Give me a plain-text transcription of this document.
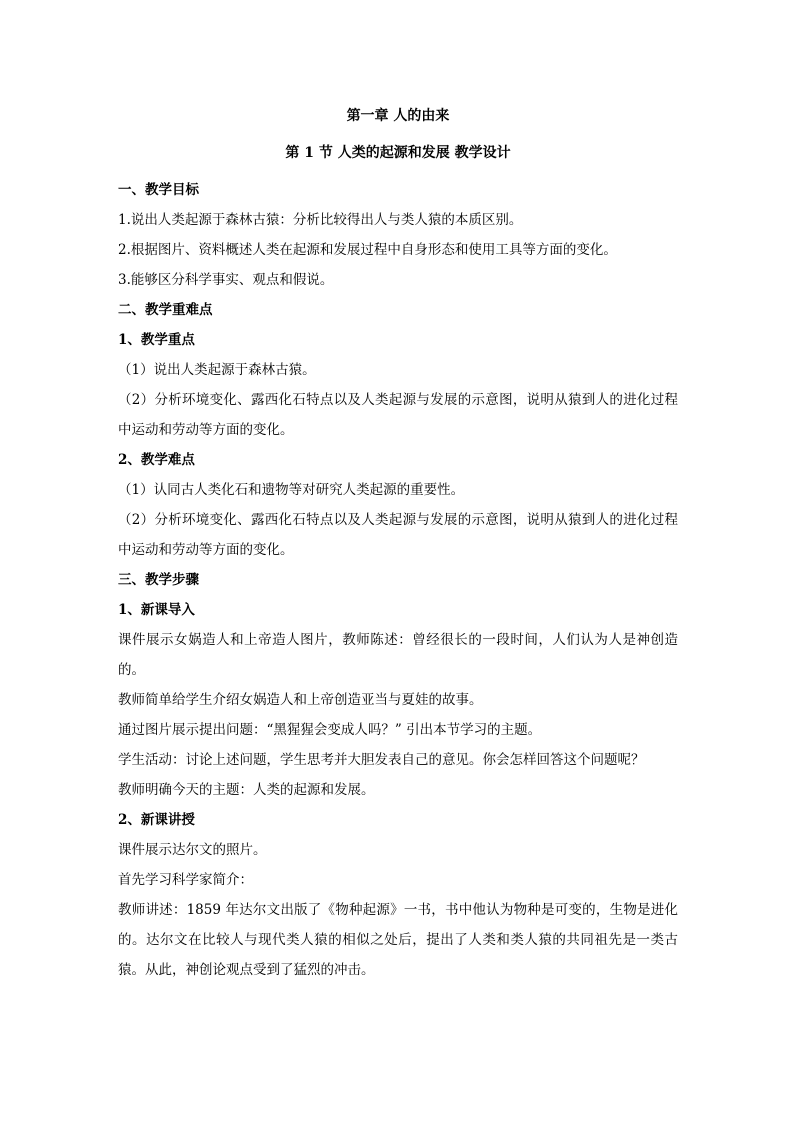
第一章 人的由来

第 1 节 人类的起源和发展 教学设计

一、教学目标

1.说出人类起源于森林古猿：分析比较得出人与类人猿的本质区别。

2.根据图片、资料概述人类在起源和发展过程中自身形态和使用工具等方面的变化。

3.能够区分科学事实、观点和假说。

二、教学重难点

1、教学重点

（1）说出人类起源于森林古猿。

（2）分析环境变化、露西化石特点以及人类起源与发展的示意图，说明从猿到人的进化过程中运动和劳动等方面的变化。

2、教学难点

（1）认同古人类化石和遗物等对研究人类起源的重要性。

（2）分析环境变化、露西化石特点以及人类起源与发展的示意图，说明从猿到人的进化过程中运动和劳动等方面的变化。

三、教学步骤

1、新课导入

课件展示女娲造人和上帝造人图片，教师陈述：曾经很长的一段时间，人们认为人是神创造的。

教师简单给学生介绍女娲造人和上帝创造亚当与夏娃的故事。

通过图片展示提出问题：“黑猩猩会变成人吗？” 引出本节学习的主题。

学生活动：讨论上述问题，学生思考并大胆发表自己的意见。你会怎样回答这个问题呢？

教师明确今天的主题：人类的起源和发展。

2、新课讲授

课件展示达尔文的照片。

首先学习科学家简介：

教师讲述：1859 年达尔文出版了《物种起源》一书，书中他认为物种是可变的，生物是进化的。达尔文在比较人与现代类人猿的相似之处后，提出了人类和类人猿的共同祖先是一类古猿。从此，神创论观点受到了猛烈的冲击。
